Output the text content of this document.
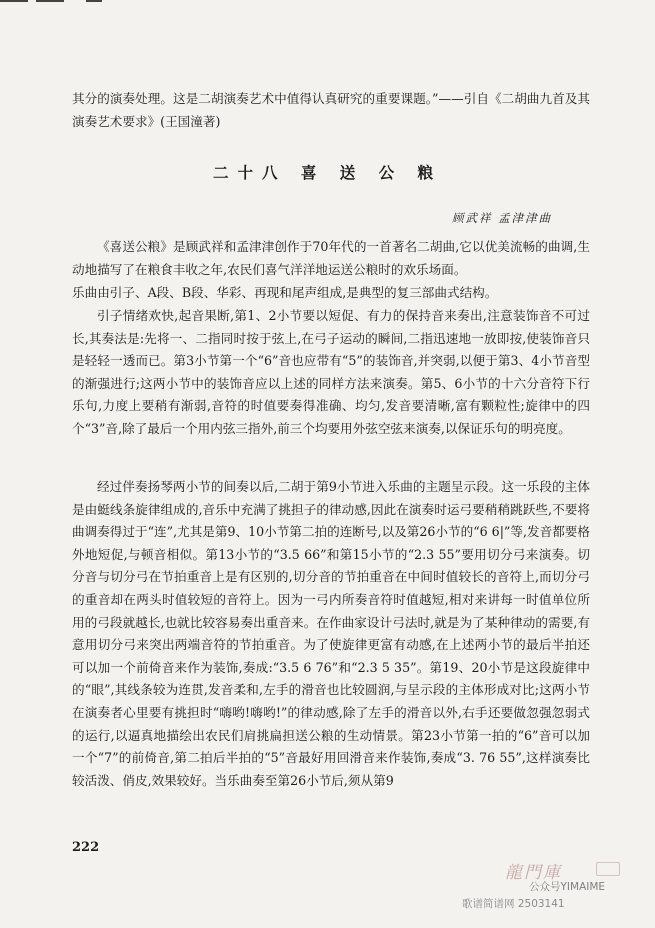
其分的演奏处理。这是二胡演奏艺术中值得认真研究的重要课题。”——引自《二胡曲九首及其演奏艺术要求》(王国潼著)
二十八 喜 送 公 粮
顾武祥 孟津津曲
《喜送公粮》是顾武祥和孟津津创作于70年代的一首著名二胡曲,它以优美流畅的曲调,生动地描写了在粮食丰收之年,农民们喜气洋洋地运送公粮时的欢乐场面。
乐曲由引子、A段、B段、华彩、再现和尾声组成,是典型的复三部曲式结构。
引子情绪欢快,起音果断,第1、2小节要以短促、有力的保持音来奏出,注意装饰音不可过长,其奏法是:先将一、二指同时按于弦上,在弓子运动的瞬间,二指迅速地一放即按,使装饰音只是轻轻一透而已。第3小节第一个“6”音也应带有“5”的装饰音,并突弱,以便于第3、4小节音型的渐强进行;这两小节中的装饰音应以上述的同样方法来演奏。第5、6小节的十六分音符下行乐句,力度上要稍有渐弱,音符的时值要奏得准确、均匀,发音要清晰,富有颗粒性;旋律中的四个“3”音,除了最后一个用内弦三指外,前三个均要用外弦空弦来演奏,以保证乐句的明亮度。
经过伴奏扬琴两小节的间奏以后,二胡于第9小节进入乐曲的主题呈示段。这一乐段的主体是由蜓线条旋律组成的,音乐中充满了挑担子的律动感,因此在演奏时运弓要稍稍跳跃些,不要将曲调奏得过于“连”,尤其是第9、10小节第二拍的连断号,以及第26小节的“6 6|”等,发音都要格外地短促,与顿音相似。第13小节的“3.5 66”和第15小节的“2.3 55”要用切分弓来演奏。切分音与切分弓在节拍重音上是有区别的,切分音的节拍重音在中间时值较长的音符上,而切分弓的重音却在两头时值较短的音符上。因为一弓内所奏音符时值越短,相对来讲每一时值单位所用的弓段就越长,也就比较容易奏出重音来。在作曲家设计弓法时,就是为了某种律动的需要,有意用切分弓来突出两端音符的节拍重音。为了使旋律更富有动感,在上述两小节的最后半拍还可以加一个前倚音来作为装饰,奏成:“3.5 6 76”和“2.3 5 35”。第19、20小节是这段旋律中的“眼”,其线条较为连贯,发音柔和,左手的滑音也比较圆润,与呈示段的主体形成对比;这两小节在演奏者心里要有挑担时“嗨哟!嗨哟!”的律动感,除了左手的滑音以外,右手还要做忽强忽弱式的运行,以逼真地描绘出农民们肩挑扁担送公粮的生动情景。第23小节第一拍的“6”音可以加一个“7”的前倚音,第二拍后半拍的“5”音最好用回滑音来作装饰,奏成“3. 76 55”,这样演奏比较活泼、俏皮,效果较好。当乐曲奏至第26小节后,须从第9
222
龍門庫
公众号YIMAIME
歌谱简谱网 2503141
